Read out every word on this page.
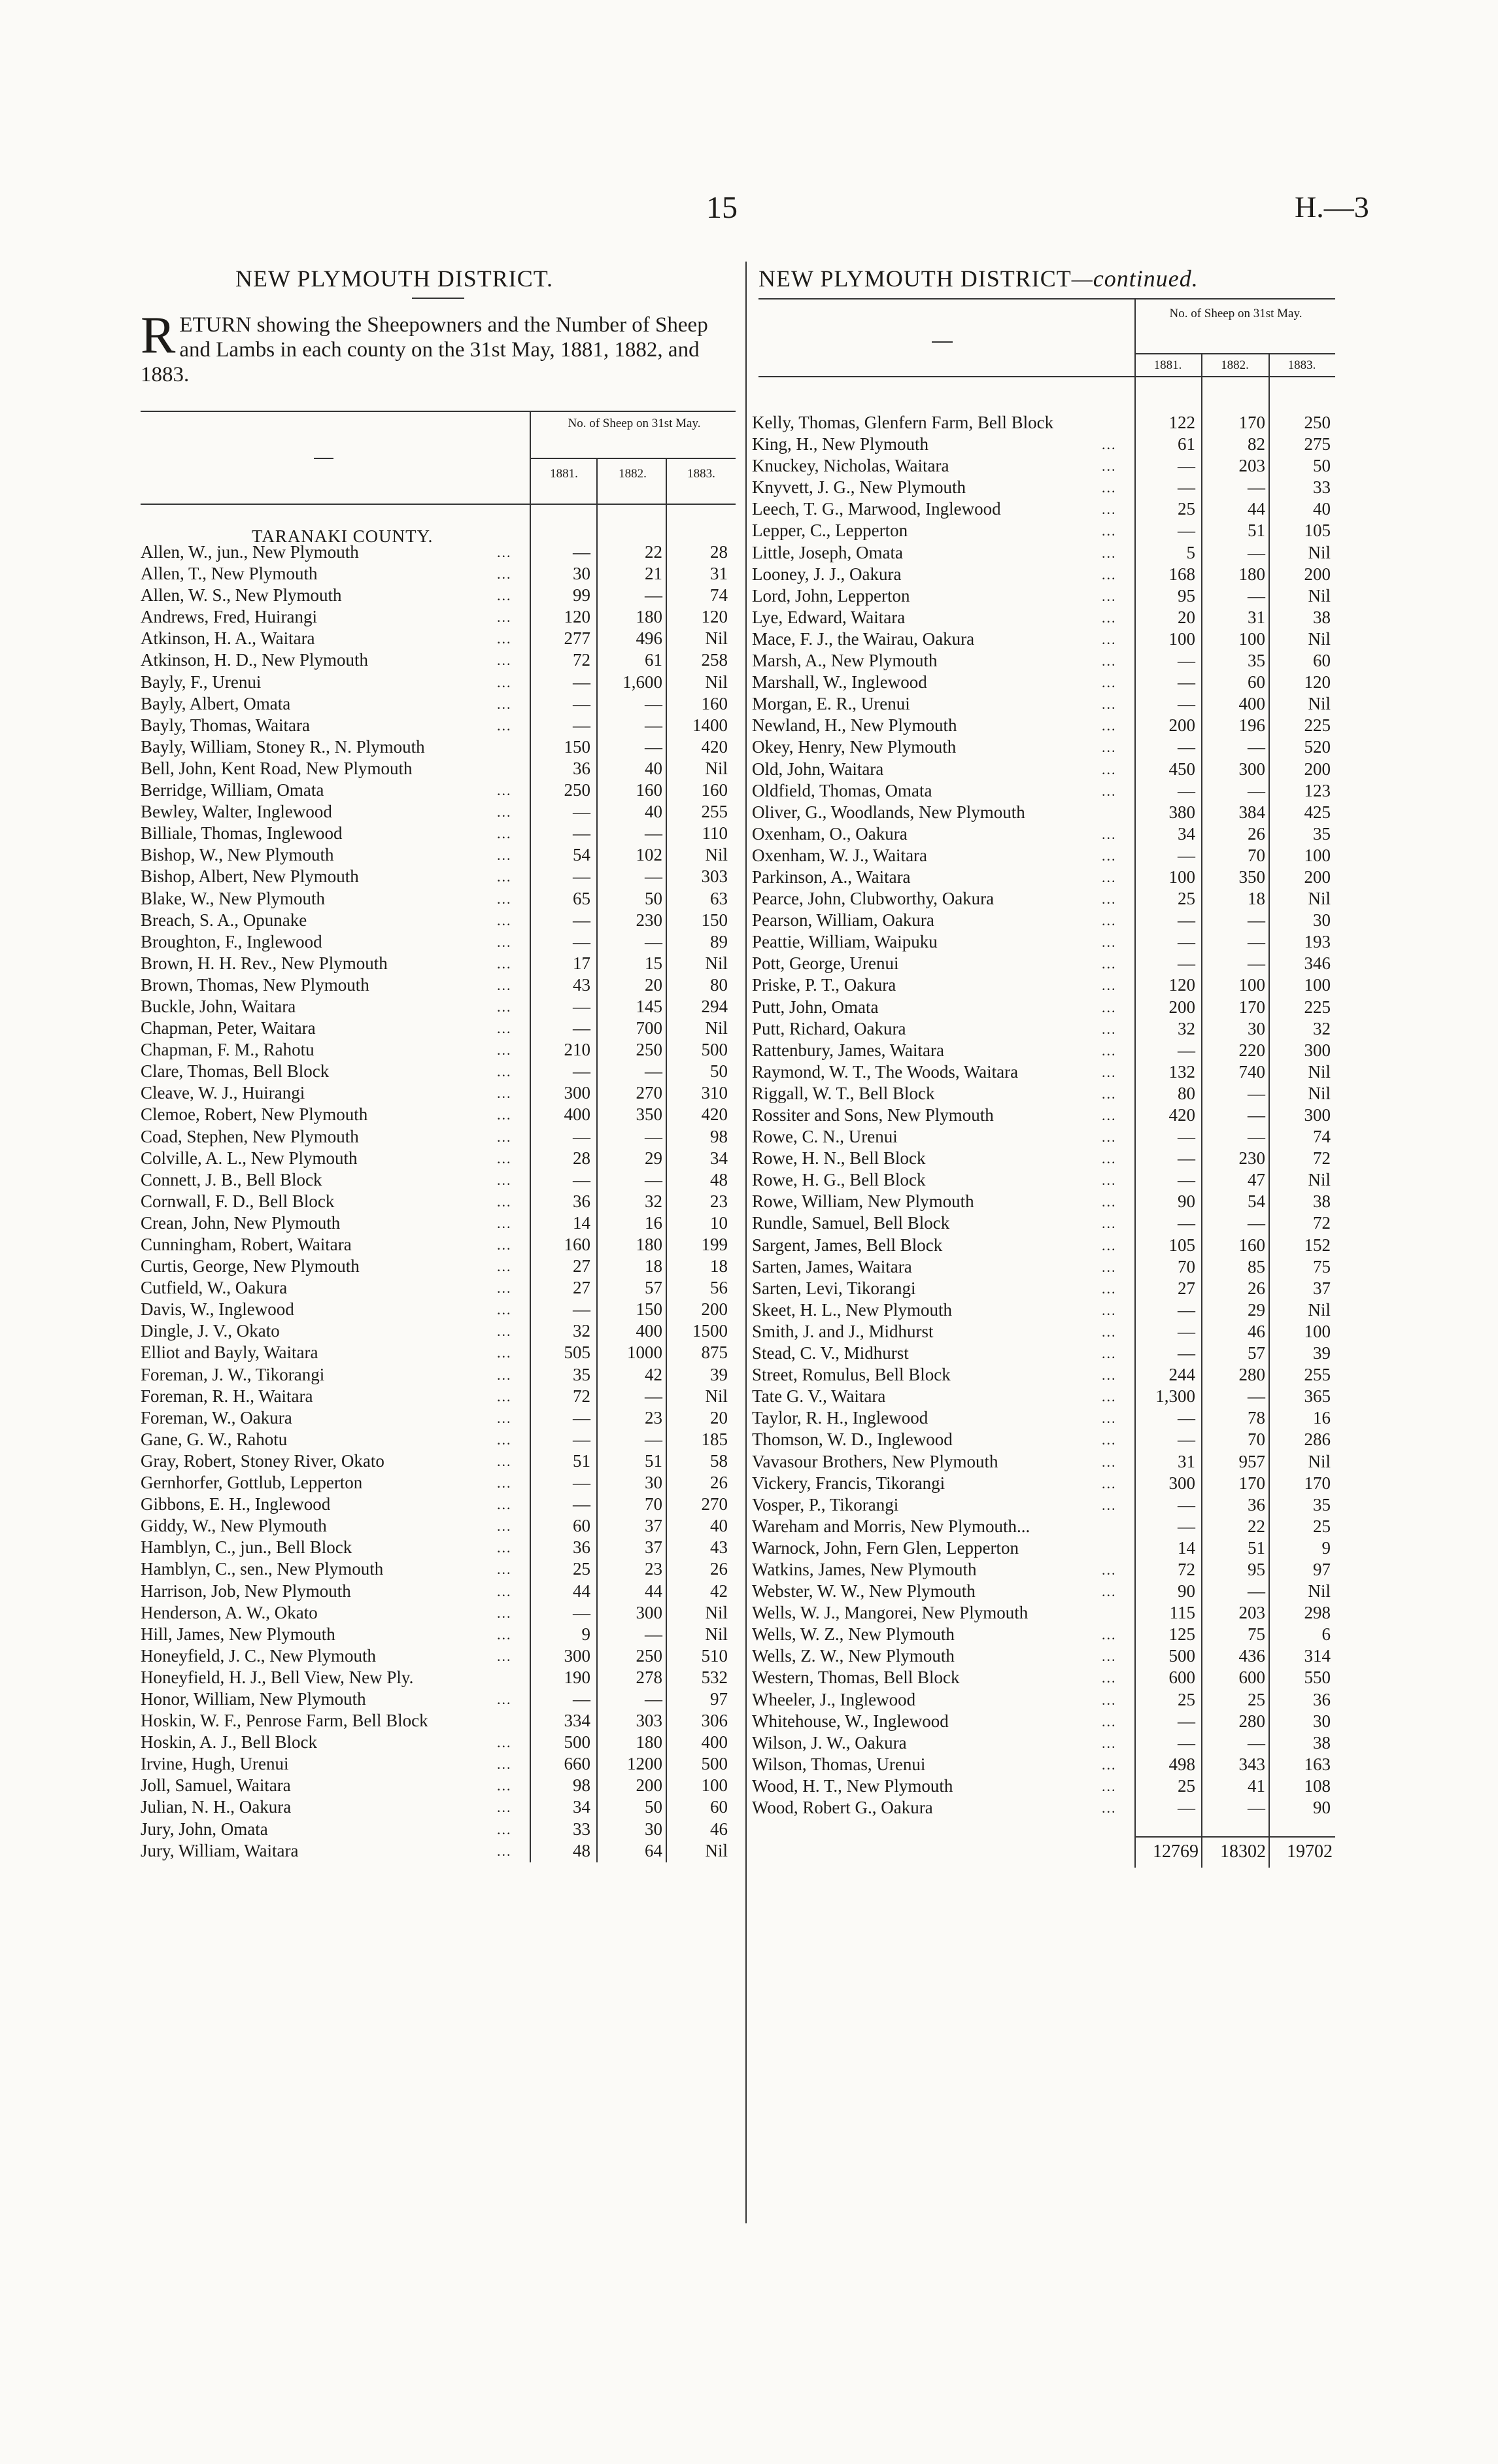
15	H.—3
NEW PLYMOUTH DISTRICT.
RETURN showing the Sheepowners and the Number of Sheep and Lambs in each county on the 31st May, 1881, 1882, and 1883.
No. of Sheep on 31st May.
1881.	1882.	1883.
TARANAKI COUNTY.
Allen, W., jun., New Plymouth	...	—	22	28
Allen, T., New Plymouth	...	30	21	31
Allen, W. S., New Plymouth	...	99	—	74
Andrews, Fred, Huirangi	...	120	180	120
Atkinson, H. A., Waitara	...	277	496	Nil
Atkinson, H. D., New Plymouth	...	72	61	258
Bayly, F., Urenui	...	—	1,600	Nil
Bayly, Albert, Omata	...	—	—	160
Bayly, Thomas, Waitara	...	—	—	1400
Bayly, William, Stoney R., N. Plymouth	150	—	420
Bell, John, Kent Road, New Plymouth	36	40	Nil
Berridge, William, Omata	...	250	160	160
Bewley, Walter, Inglewood	...	—	40	255
Billiale, Thomas, Inglewood	...	—	—	110
Bishop, W., New Plymouth	...	54	102	Nil
Bishop, Albert, New Plymouth	...	—	—	303
Blake, W., New Plymouth	...	65	50	63
Breach, S. A., Opunake	...	—	230	150
Broughton, F., Inglewood	...	—	—	89
Brown, H. H. Rev., New Plymouth	...	17	15	Nil
Brown, Thomas, New Plymouth	...	43	20	80
Buckle, John, Waitara	...	—	145	294
Chapman, Peter, Waitara	...	—	700	Nil
Chapman, F. M., Rahotu	...	210	250	500
Clare, Thomas, Bell Block	...	—	—	50
Cleave, W. J., Huirangi	...	300	270	310
Clemoe, Robert, New Plymouth	...	400	350	420
Coad, Stephen, New Plymouth	...	—	—	98
Colville, A. L., New Plymouth	...	28	29	34
Connett, J. B., Bell Block	...	—	—	48
Cornwall, F. D., Bell Block	...	36	32	23
Crean, John, New Plymouth	...	14	16	10
Cunningham, Robert, Waitara	...	160	180	199
Curtis, George, New Plymouth	...	27	18	18
Cutfield, W., Oakura	...	27	57	56
Davis, W., Inglewood	...	—	150	200
Dingle, J. V., Okato	...	32	400	1500
Elliot and Bayly, Waitara	...	505	1000	875
Foreman, J. W., Tikorangi	...	35	42	39
Foreman, R. H., Waitara	...	72	—	Nil
Foreman, W., Oakura	...	—	23	20
Gane, G. W., Rahotu	...	—	—	185
Gray, Robert, Stoney River, Okato	...	51	51	58
Gernhorfer, Gottlub, Lepperton	...	—	30	26
Gibbons, E. H., Inglewood	...	—	70	270
Giddy, W., New Plymouth	...	60	37	40
Hamblyn, C., jun., Bell Block	...	36	37	43
Hamblyn, C., sen., New Plymouth	...	25	23	26
Harrison, Job, New Plymouth	...	44	44	42
Henderson, A. W., Okato	...	—	300	Nil
Hill, James, New Plymouth	...	9	—	Nil
Honeyfield, J. C., New Plymouth	...	300	250	510
Honeyfield, H. J., Bell View, New Ply.	190	278	532
Honor, William, New Plymouth	...	—	—	97
Hoskin, W. F., Penrose Farm, Bell Block	334	303	306
Hoskin, A. J., Bell Block	...	500	180	400
Irvine, Hugh, Urenui	...	660	1200	500
Joll, Samuel, Waitara	...	98	200	100
Julian, N. H., Oakura	...	34	50	60
Jury, John, Omata	...	33	30	46
Jury, William, Waitara	...	48	64	Nil
NEW PLYMOUTH DISTRICT—continued.
No. of Sheep on 31st May.
1881.	1882.	1883.
Kelly, Thomas, Glenfern Farm, Bell Block	122	170	250
King, H., New Plymouth	...	61	82	275
Knuckey, Nicholas, Waitara	...	—	203	50
Knyvett, J. G., New Plymouth	...	—	—	33
Leech, T. G., Marwood, Inglewood	...	25	44	40
Lepper, C., Lepperton	...	—	51	105
Little, Joseph, Omata	...	5	—	Nil
Looney, J. J., Oakura	...	168	180	200
Lord, John, Lepperton	...	95	—	Nil
Lye, Edward, Waitara	...	20	31	38
Mace, F. J., the Wairau, Oakura	...	100	100	Nil
Marsh, A., New Plymouth	...	—	35	60
Marshall, W., Inglewood	...	—	60	120
Morgan, E. R., Urenui	...	—	400	Nil
Newland, H., New Plymouth	...	200	196	225
Okey, Henry, New Plymouth	...	—	—	520
Old, John, Waitara	...	450	300	200
Oldfield, Thomas, Omata	...	—	—	123
Oliver, G., Woodlands, New Plymouth	380	384	425
Oxenham, O., Oakura	...	34	26	35
Oxenham, W. J., Waitara	...	—	70	100
Parkinson, A., Waitara	...	100	350	200
Pearce, John, Clubworthy, Oakura	...	25	18	Nil
Pearson, William, Oakura	...	—	—	30
Peattie, William, Waipuku	...	—	—	193
Pott, George, Urenui	...	—	—	346
Priske, P. T., Oakura	...	120	100	100
Putt, John, Omata	...	200	170	225
Putt, Richard, Oakura	...	32	30	32
Rattenbury, James, Waitara	...	—	220	300
Raymond, W. T., The Woods, Waitara	...	132	740	Nil
Riggall, W. T., Bell Block	...	80	—	Nil
Rossiter and Sons, New Plymouth	...	420	—	300
Rowe, C. N., Urenui	...	—	—	74
Rowe, H. N., Bell Block	...	—	230	72
Rowe, H. G., Bell Block	...	—	47	Nil
Rowe, William, New Plymouth	...	90	54	38
Rundle, Samuel, Bell Block	...	—	—	72
Sargent, James, Bell Block	...	105	160	152
Sarten, James, Waitara	...	70	85	75
Sarten, Levi, Tikorangi	...	27	26	37
Skeet, H. L., New Plymouth	...	—	29	Nil
Smith, J. and J., Midhurst	...	—	46	100
Stead, C. V., Midhurst	...	—	57	39
Street, Romulus, Bell Block	...	244	280	255
Tate G. V., Waitara	...	1,300	—	365
Taylor, R. H., Inglewood	...	—	78	16
Thomson, W. D., Inglewood	...	—	70	286
Vavasour Brothers, New Plymouth	...	31	957	Nil
Vickery, Francis, Tikorangi	...	300	170	170
Vosper, P., Tikorangi	...	—	36	35
Wareham and Morris, New Plymouth...	—	22	25
Warnock, John, Fern Glen, Lepperton	14	51	9
Watkins, James, New Plymouth	...	72	95	97
Webster, W. W., New Plymouth	...	90	—	Nil
Wells, W. J., Mangorei, New Plymouth	115	203	298
Wells, W. Z., New Plymouth	...	125	75	6
Wells, Z. W., New Plymouth	...	500	436	314
Western, Thomas, Bell Block	...	600	600	550
Wheeler, J., Inglewood	...	25	25	36
Whitehouse, W., Inglewood	...	—	280	30
Wilson, J. W., Oakura	...	—	—	38
Wilson, Thomas, Urenui	...	498	343	163
Wood, H. T., New Plymouth	...	25	41	108
Wood, Robert G., Oakura	...	—	—	90
12769	18302	19702
